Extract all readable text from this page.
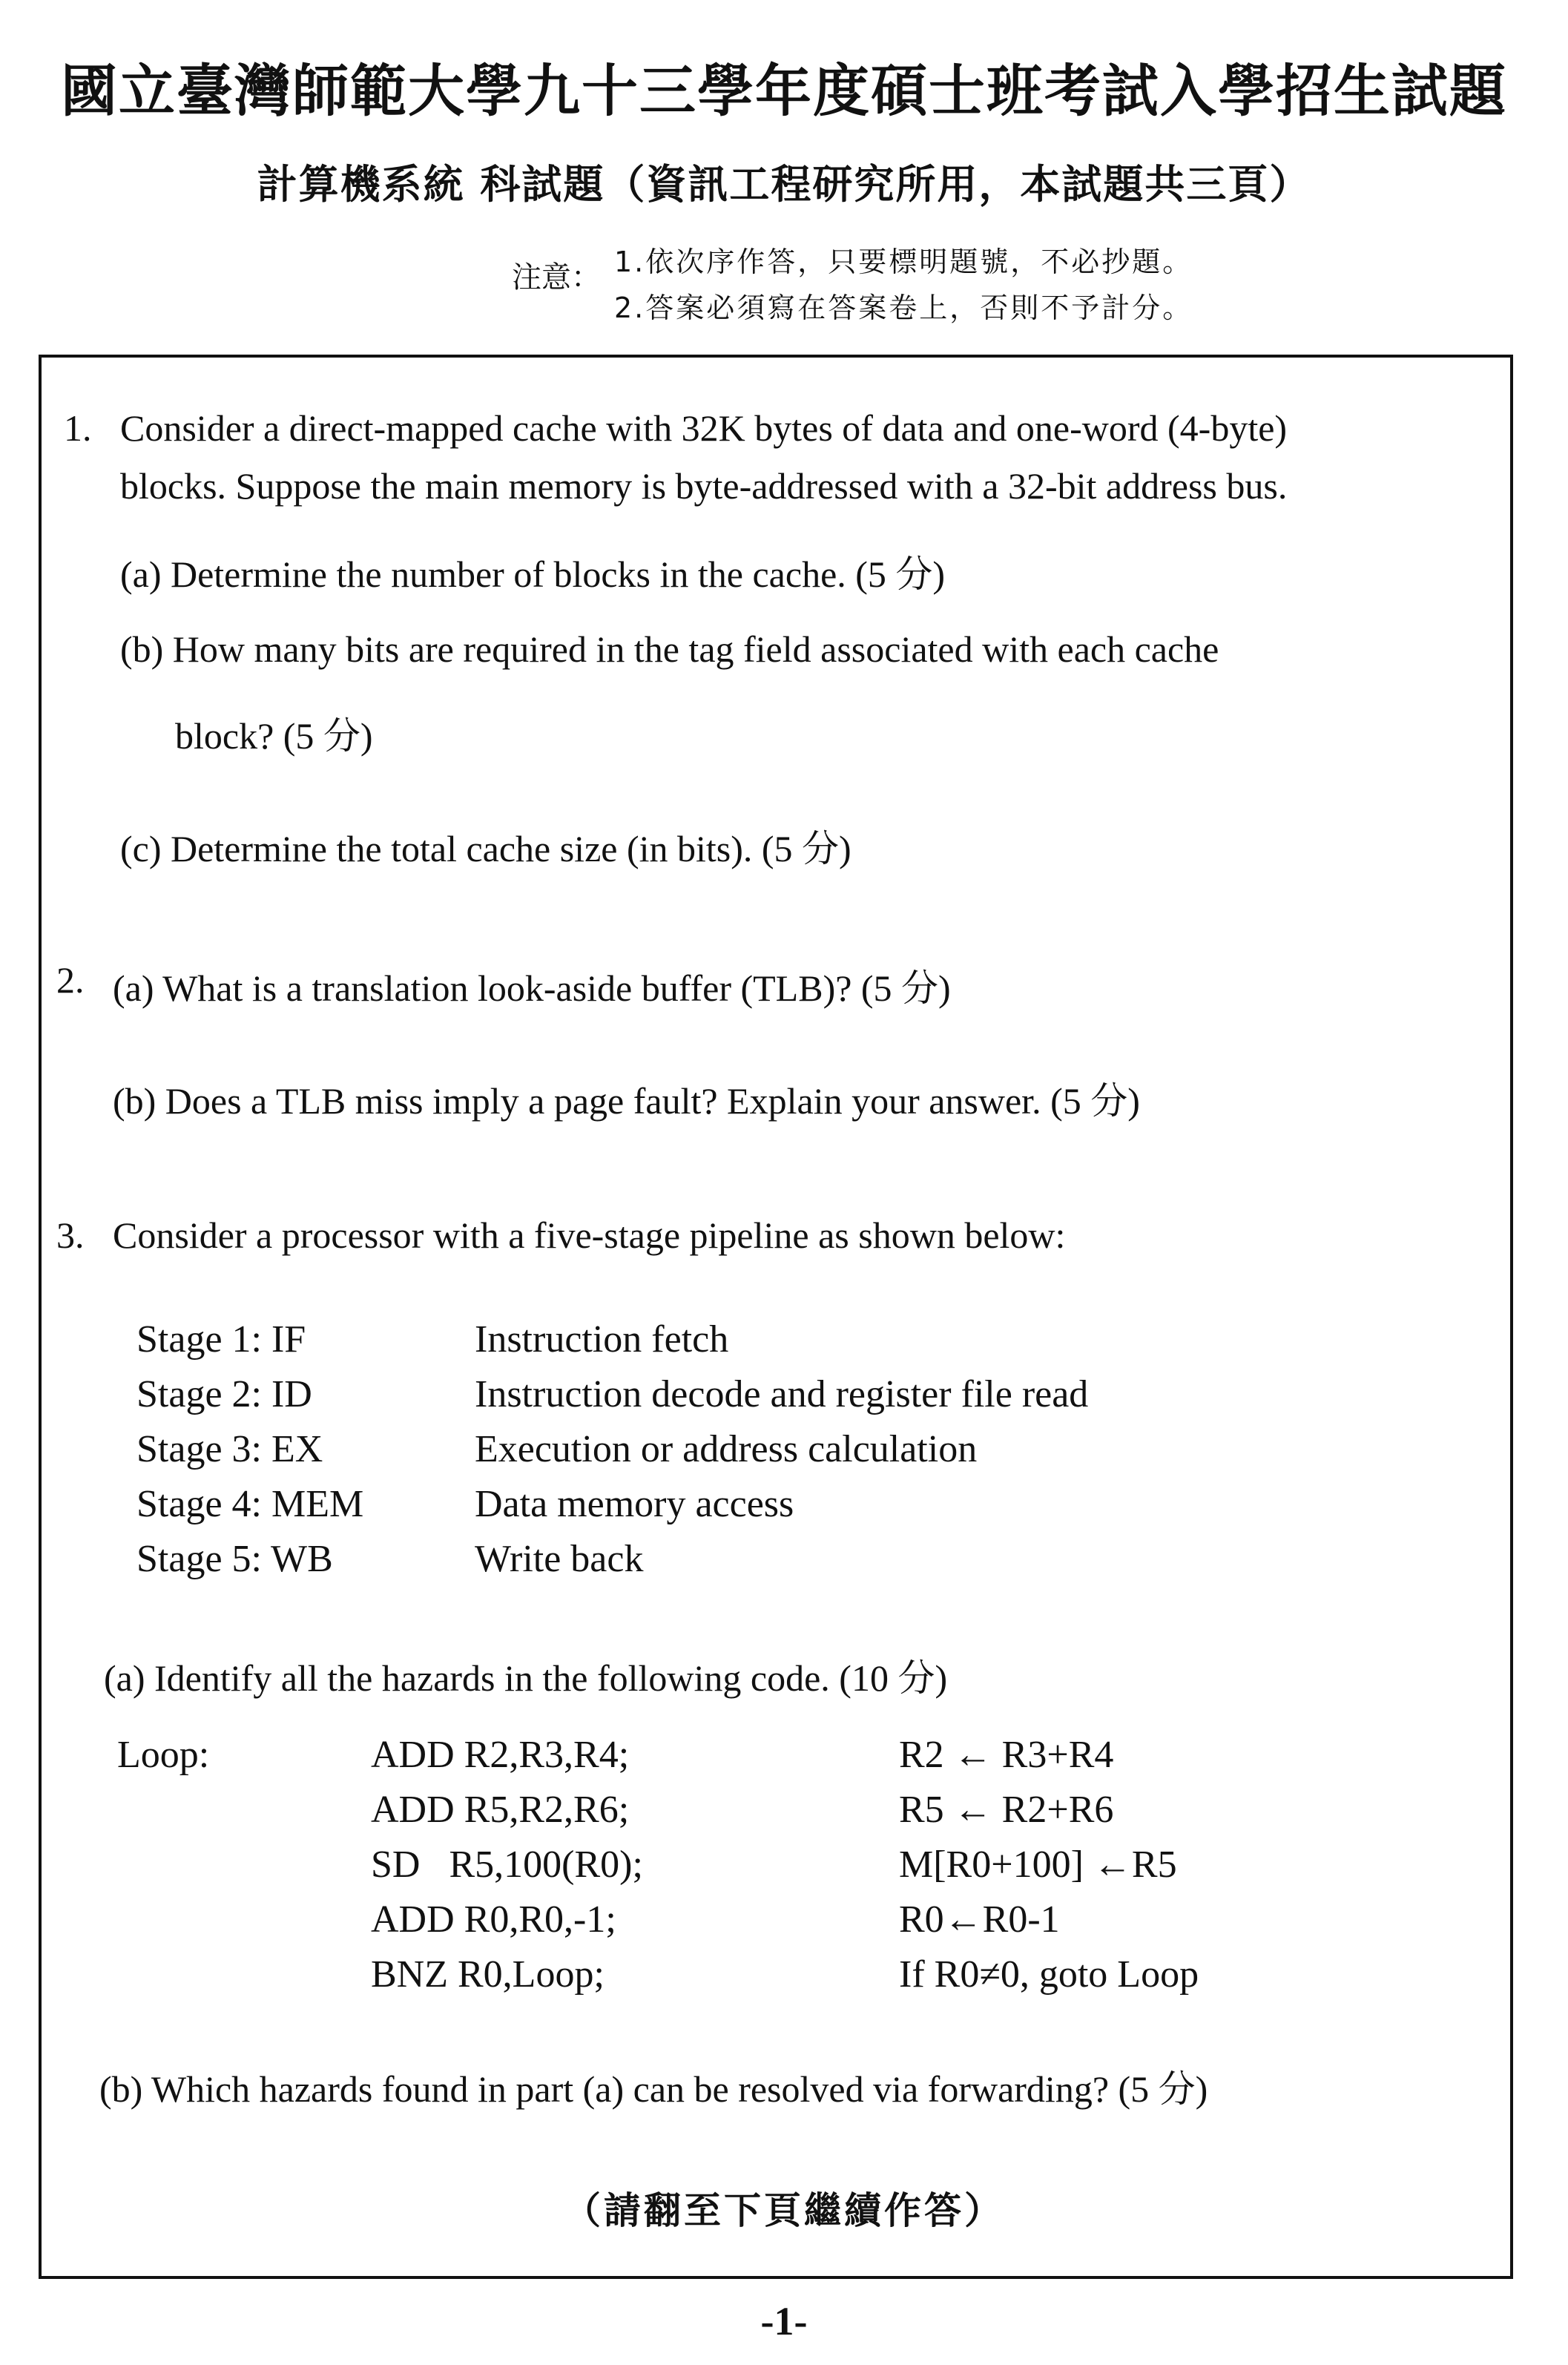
國立臺灣師範大學九十三學年度碩士班考試入學招生試題
計算機系統 科試題（資訊工程研究所用，本試題共三頁）
注意： 1.依次序作答，只要標明題號，不必抄題。
2.答案必須寫在答案卷上，否則不予計分。
1. Consider a direct-mapped cache with 32K bytes of data and one-word (4-byte)
blocks. Suppose the main memory is byte-addressed with a 32-bit address bus.
(a) Determine the number of blocks in the cache. (5 分)
(b) How many bits are required in the tag field associated with each cache
block? (5 分)
(c) Determine the total cache size (in bits). (5 分)
2. (a) What is a translation look-aside buffer (TLB)? (5 分)
(b) Does a TLB miss imply a page fault? Explain your answer. (5 分)
3. Consider a processor with a five-stage pipeline as shown below:
Stage 1: IF	Instruction fetch
Stage 2: ID	Instruction decode and register file read
Stage 3: EX	Execution or address calculation
Stage 4: MEM	Data memory access
Stage 5: WB	Write back
(a) Identify all the hazards in the following code. (10 分)
Loop:	ADD R2,R3,R4;	R2 ← R3+R4
ADD R5,R2,R6;	R5 ← R2+R6
SD   R5,100(R0);	M[R0+100] ←R5
ADD R0,R0,-1;	R0←R0-1
BNZ R0,Loop;	If R0≠0, goto Loop
(b) Which hazards found in part (a) can be resolved via forwarding? (5 分)
（請翻至下頁繼續作答）
-1-
